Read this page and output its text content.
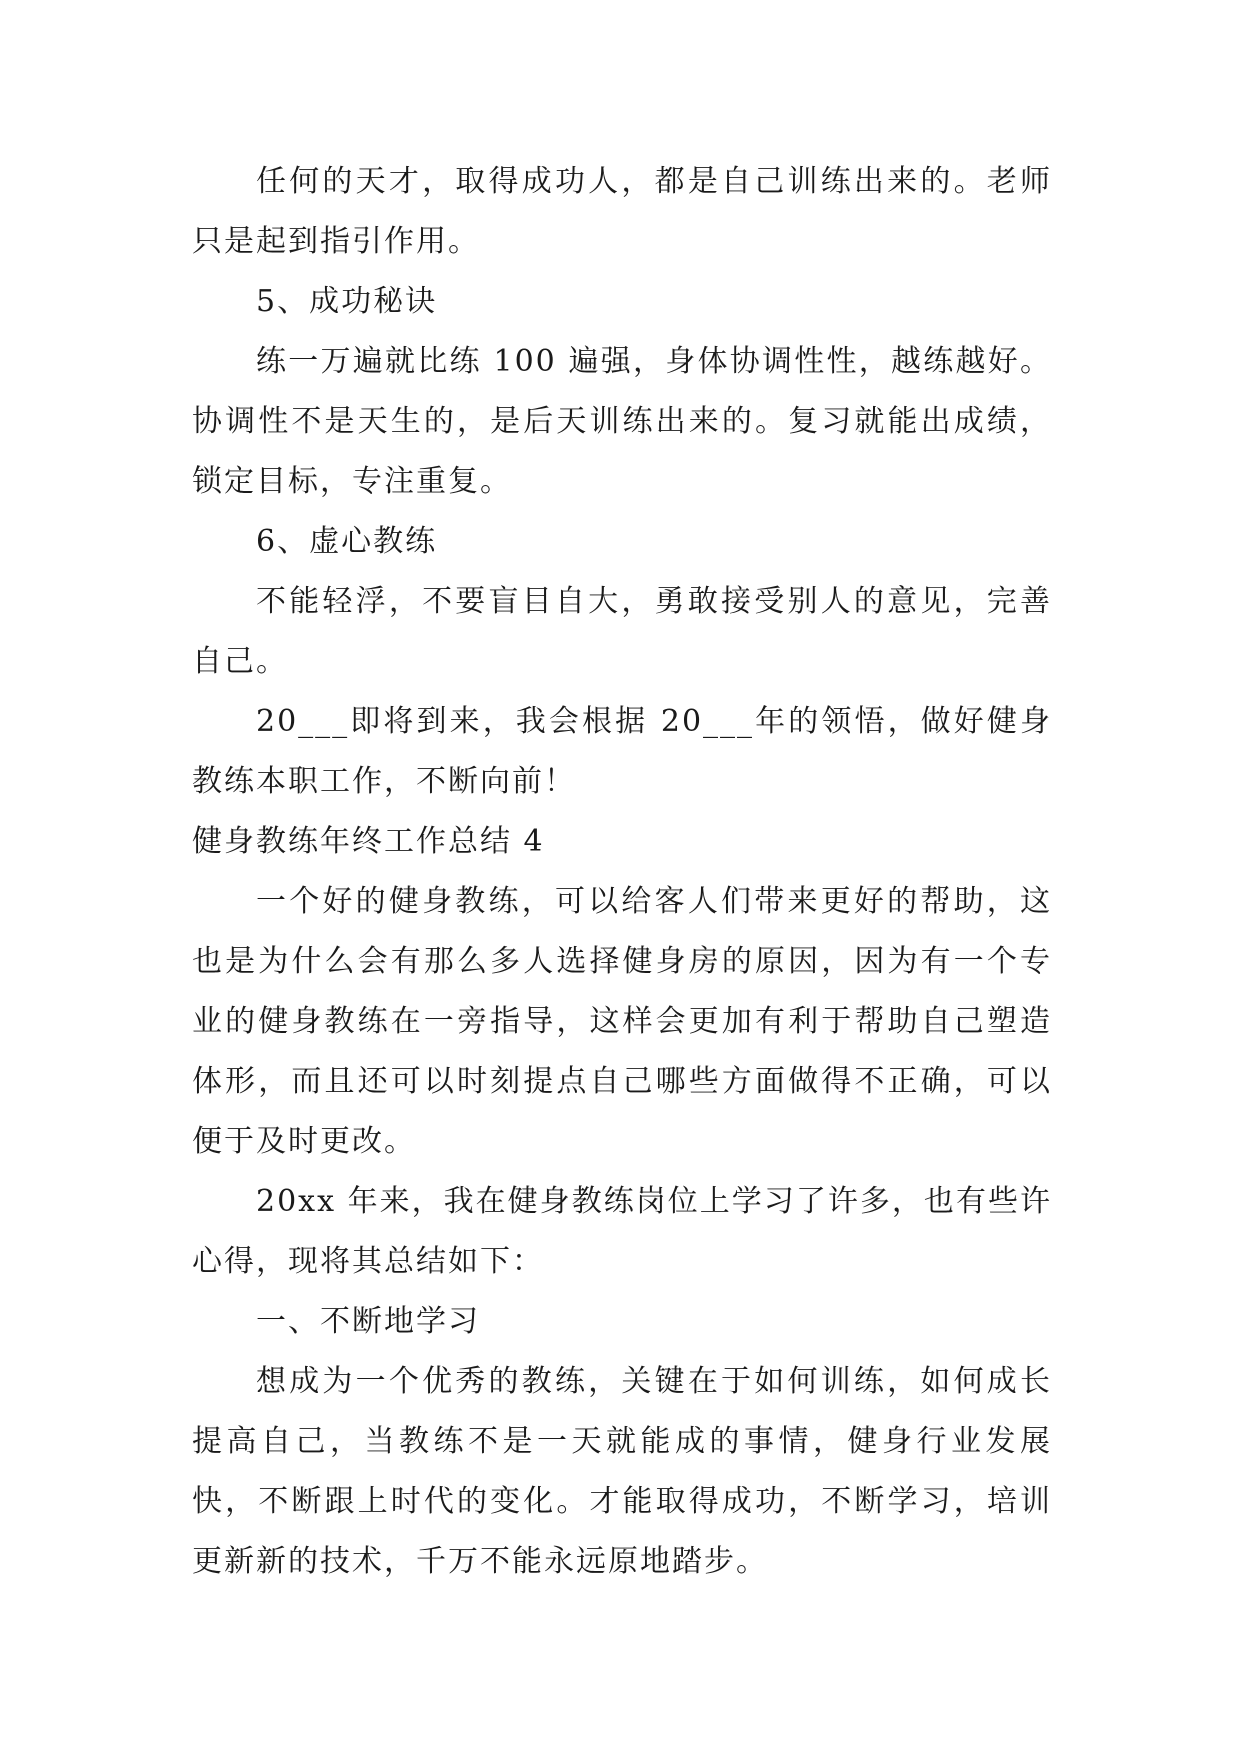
任何的天才，取得成功人，都是自己训练出来的。老师只是起到指引作用。

5、成功秘诀

练一万遍就比练 100 遍强，身体协调性性，越练越好。协调性不是天生的，是后天训练出来的。复习就能出成绩，锁定目标，专注重复。

6、虚心教练

不能轻浮，不要盲目自大，勇敢接受别人的意见，完善自己。

20___即将到来，我会根据 20___年的领悟，做好健身教练本职工作，不断向前！

健身教练年终工作总结 4

一个好的健身教练，可以给客人们带来更好的帮助，这也是为什么会有那么多人选择健身房的原因，因为有一个专业的健身教练在一旁指导，这样会更加有利于帮助自己塑造体形，而且还可以时刻提点自己哪些方面做得不正确，可以便于及时更改。

20xx 年来，我在健身教练岗位上学习了许多，也有些许心得，现将其总结如下：

一、不断地学习

想成为一个优秀的教练，关键在于如何训练，如何成长提高自己，当教练不是一天就能成的事情，健身行业发展快，不断跟上时代的变化。才能取得成功，不断学习，培训更新新的技术，千万不能永远原地踏步。
